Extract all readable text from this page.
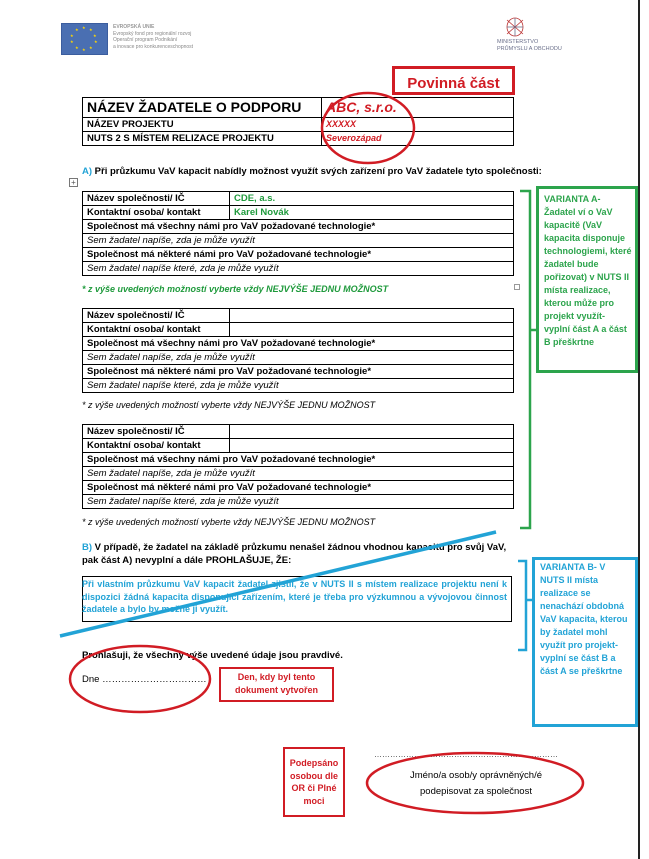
★ ★
★
★
★
★
★
★
★
★	EVROPSKÁ UNIE
Evropský fond pro regionální rozvoj
Operační program Podnikání
a inovace pro konkurenceschopnost
MINISTERSTVO
PRŮMYSLU A OBCHODU
Povinná část
NÁZEV ŽADATELE O PODPORU	ABC, s.r.o.
NÁZEV PROJEKTU	XXXXX
NUTS 2 S MÍSTEM RELIZACE PROJEKTU	Severozápad
+
A) Při průzkumu VaV kapacit nabídly možnost využít svých zařízení pro VaV žadatele tyto společnosti:
Název společnosti/ IČ	CDE, a.s.
Kontaktní osoba/ kontakt	Karel Novák
Společnost má všechny námi pro VaV požadované technologie*	
Sem žadatel napíše, zda je může využít	
Společnost má některé námi pro VaV požadované technologie*	
Sem žadatel napíše které, zda je může využít	
* z výše uvedených možností vyberte vždy NEJVÝŠE JEDNU MOŽNOST
Název společnosti/ IČ	
Kontaktní osoba/ kontakt	
Společnost má všechny námi pro VaV požadované technologie*	
Sem žadatel napíše, zda je může využít	
Společnost má některé námi pro VaV požadované technologie*	
Sem žadatel napíše které, zda je může využít	
* z výše uvedených možností vyberte vždy NEJVÝŠE JEDNU MOŽNOST
Název společnosti/ IČ	
Kontaktní osoba/ kontakt	
Společnost má všechny námi pro VaV požadované technologie*	
Sem žadatel napíše, zda je může využít	
Společnost má některé námi pro VaV požadované technologie*	
Sem žadatel napíše které, zda je může využít	
* z výše uvedených možností vyberte vždy NEJVÝŠE JEDNU MOŽNOST
VARIANTA A- Žadatel ví o VaV kapacitě (VaV kapacita disponuje technologiemi, které žadatel bude pořizovat) v NUTS II místa realizace, kterou může pro projekt využít- vyplní část A a část B přeškrtne
B) V případě, že žadatel na základě průzkumu nenašel žádnou vhodnou kapacitu pro svůj VaV, pak část A) nevyplní a dále PROHLAŠUJE, ŽE:
Při vlastním průzkumu VaV kapacit žadatel zjistil, že v NUTS II s místem realizace projektu není k dispozici žádná kapacita disponující zařízením, které je třeba pro výzkumnou a vývojovou činnost žadatele a bylo by možné ji využít.
VARIANTA B- V NUTS II místa realizace se nenachází obdobná VaV kapacita, kterou by žadatel mohl využít pro projekt- vyplní se část B a část A se přeškrtne
Prohlašuji, že všechny výše uvedené údaje jsou pravdivé.
Dne ……………………………	Den, kdy byl tento dokument vytvořen
Podepsáno osobou dle OR či Plné moci
……………………………………………………………
Jméno/a osob/y oprávněných/é podepisovat za společnost
